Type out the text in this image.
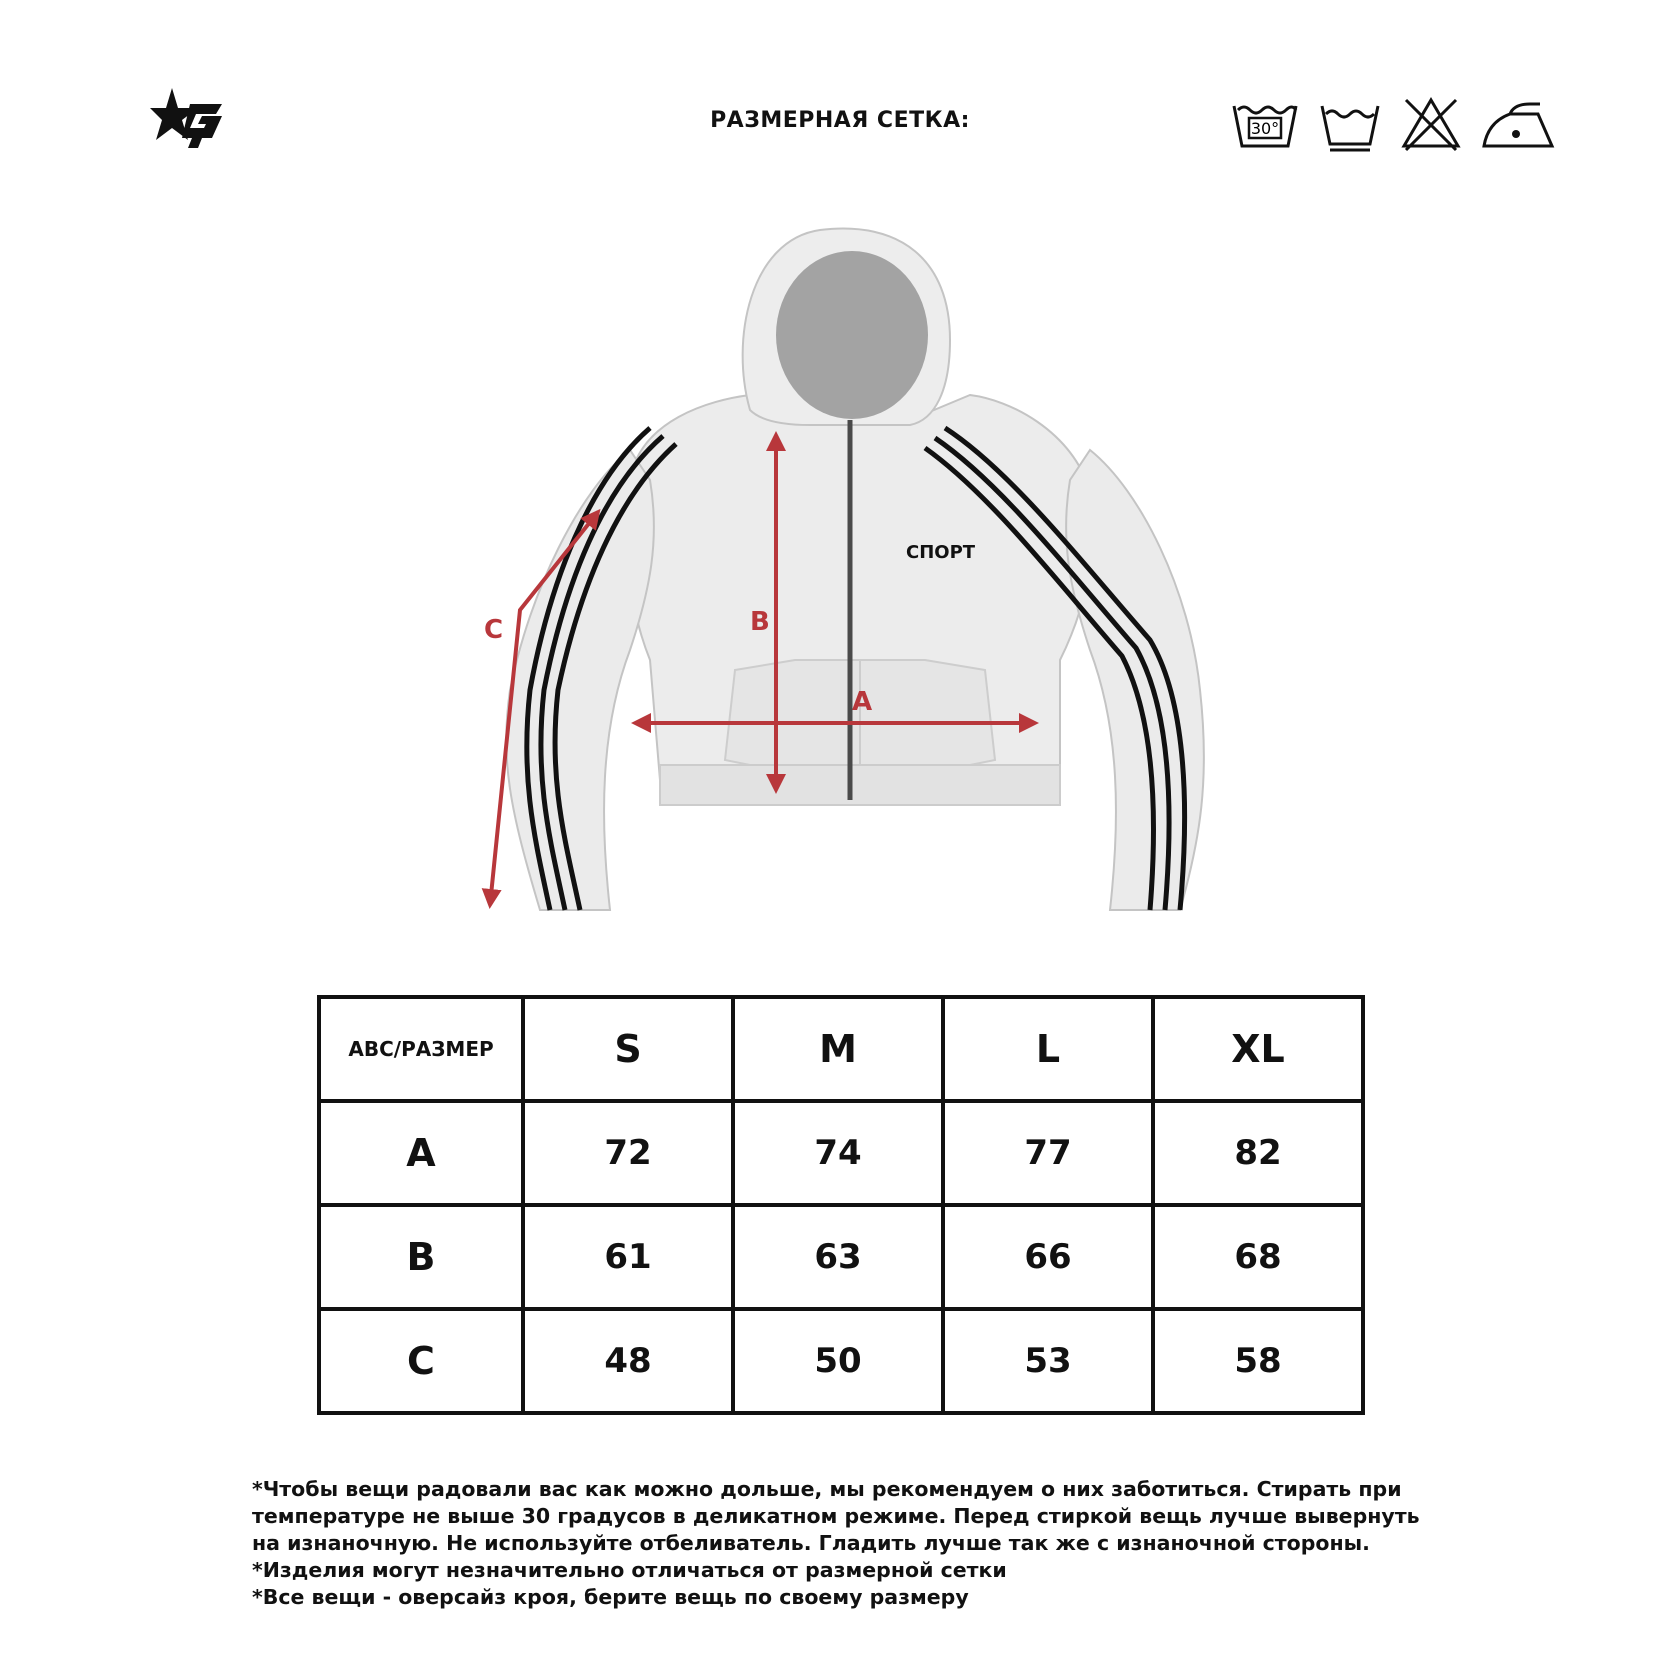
РАЗМЕРНАЯ СЕТКА:	30°
СПОРТ
B
A
C
ABC/РАЗМЕР	S	M	L	XL
A	72	74	77	82
B	61	63	66	68
C	48	50	53	58

*Чтобы вещи радовали вас как можно дольше, мы рекомендуем о них заботиться. Стирать при температуре не выше 30 градусов в деликатном режиме. Перед стиркой вещь лучше вывернуть на изнаночную. Не используйте отбеливатель. Гладить лучше так же с изнаночной стороны.

*Изделия могут незначительно отличаться от размерной сетки

*Все вещи - оверсайз кроя, берите вещь по своему размеру
